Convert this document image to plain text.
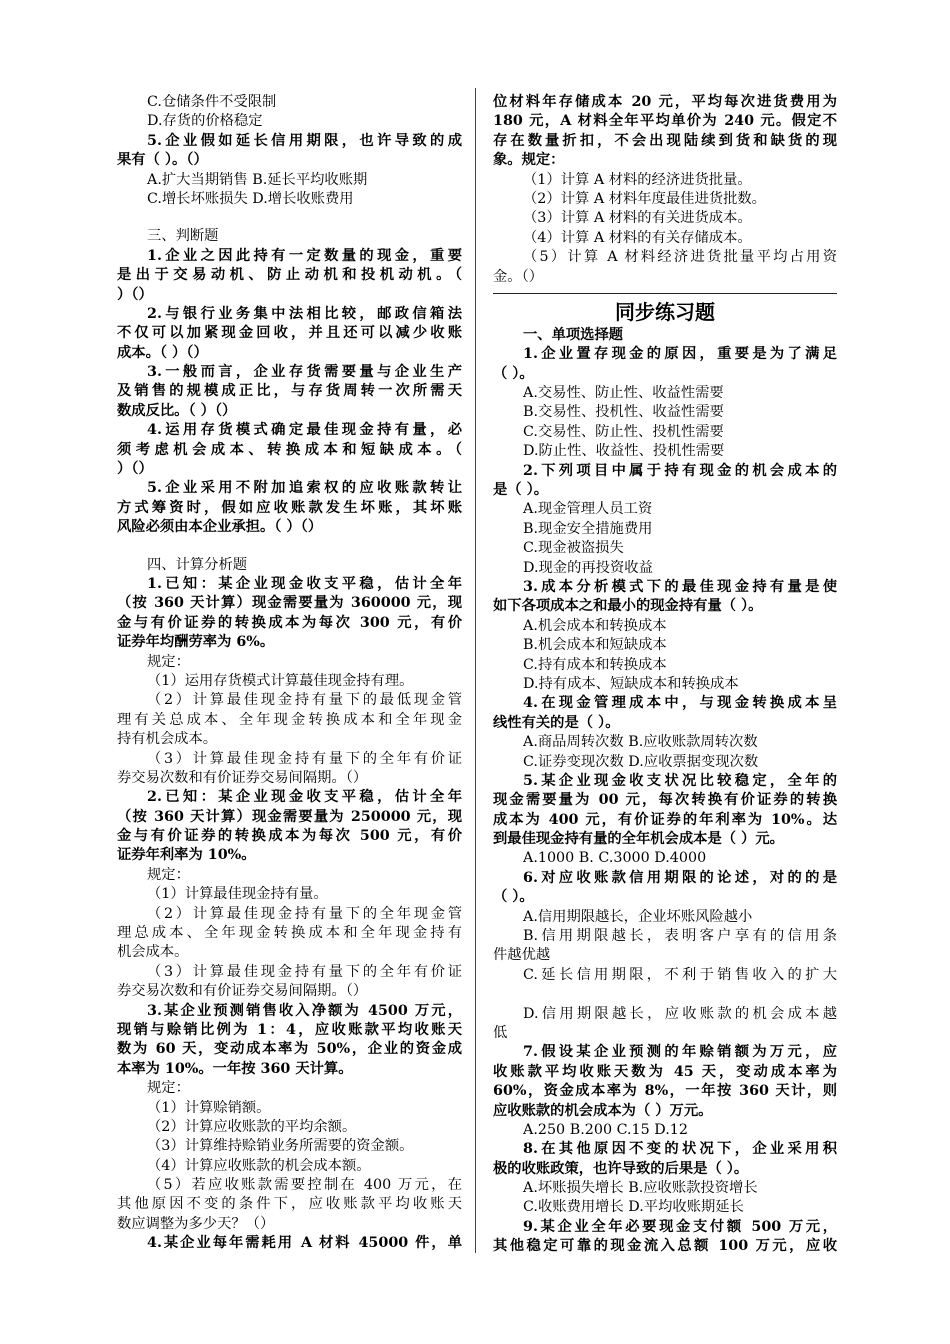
C.仓储条件不受限制
D.存货的价格稳定
5.企业假如延长信用期限，也许导致的成
果有（ ）。（）
A.扩大当期销售 B.延长平均收账期
C.增长坏账损失 D.增长收账费用
三、判断题
1.企业之因此持有一定数量的现金，重要
是出于交易动机、防止动机和投机动机。（
）（）
2.与银行业务集中法相比较，邮政信箱法
不仅可以加紧现金回收，并且还可以减少收账
成本。（ ）（）
3.一般而言，企业存货需要量与企业生产
及销售的规模成正比，与存货周转一次所需天
数成反比。（ ）（）
4.运用存货模式确定最佳现金持有量，必
须考虑机会成本、转换成本和短缺成本。（
）（）
5.企业采用不附加追索权的应收账款转让
方式筹资时，假如应收账款发生坏账，其坏账
风险必须由本企业承担。（ ）（）
四、计算分析题
1.已知：某企业现金收支平稳，估计全年
（按 360 天计算）现金需要量为 360000 元，现
金与有价证券的转换成本为每次 300 元，有价
证券年均酬劳率为 6%。
规定：
（1）运用存货模式计算蕞佳现金持有理。
（2）计算最佳现金持有量下的最低现金管
理有关总成本、全年现金转换成本和全年现金
持有机会成本。
（3）计算最佳现金持有量下的全年有价证
券交易次数和有价证券交易间隔期。（）
2.已知：某企业现金收支平稳，估计全年
（按 360 天计算）现金需要量为 250000 元，现
金与有价证券的转换成本为每次 500 元，有价
证券年利率为 10%。
规定：
（1）计算最佳现金持有量。
（2）计算最佳现金持有量下的全年现金管
理总成本、全年现金转换成本和全年现金持有
机会成本。
（3）计算最佳现金持有量下的全年有价证
券交易次数和有价证券交易间隔期。（）
3.某企业预测销售收入净额为 4500 万元，
现销与赊销比例为 1：4，应收账款平均收账天
数为 60 天，变动成本率为 50%，企业的资金成
本率为 10%。一年按 360 天计算。
规定：
（1）计算赊销额。
（2）计算应收账款的平均余额。
（3）计算维持赊销业务所需要的资金额。
（4）计算应收账款的机会成本额。
（5）若应收账款需要控制在 400 万元，在
其他原因不变的条件下，应收账款平均收账天
数应调整为多少天？（）
4.某企业每年需耗用 A 材料 45000 件，单
位材料年存储成本 20 元，平均每次进货费用为
180 元，A 材料全年平均单价为 240 元。假定不
存在数量折扣，不会出现陆续到货和缺货的现
象。规定：
（1）计算 A 材料的经济进货批量。
（2）计算 A 材料年度最佳进货批数。
（3）计算 A 材料的有关进货成本。
（4）计算 A 材料的有关存储成本。
（5）计算 A 材料经济进货批量平均占用资
金。（）
同步练习题
一、单项选择题
1.企业置存现金的原因，重要是为了满足
（ ）。
A.交易性、防止性、收益性需要
B.交易性、投机性、收益性需要
C.交易性、防止性、投机性需要
D.防止性、收益性、投机性需要
2.下列项目中属于持有现金的机会成本的
是（ ）。
A.现金管理人员工资
B.现金安全措施费用
C.现金被盗损失
D.现金的再投资收益
3.成本分析模式下的最佳现金持有量是使
如下各项成本之和最小的现金持有量（ ）。
A.机会成本和转换成本
B.机会成本和短缺成本
C.持有成本和转换成本
D.持有成本、短缺成本和转换成本
4.在现金管理成本中，与现金转换成本呈
线性有关的是（ ）。
A.商品周转次数 B.应收账款周转次数
C.证券变现次数 D.应收票据变现次数
5.某企业现金收支状况比较稳定，全年的
现金需要量为 00 元，每次转换有价证券的转换
成本为 400 元，有价证券的年利率为 10%。达
到最佳现金持有量的全年机会成本是（ ）元。
A.1000 B. C.3000 D.4000
6.对应收账款信用期限的论述，对的的是
（ ）。
A.信用期限越长，企业坏账风险越小
B.信用期限越长，表明客户享有的信用条
件越优越
C.延长信用期限，不利于销售收入的扩大
D.信用期限越长，应收账款的机会成本越
低
7.假设某企业预测的年赊销额为万元，应
收账款平均收账天数为 45 天，变动成本率为
60%，资金成本率为 8%，一年按 360 天计，则
应收账款的机会成本为（ ）万元。
A.250 B.200 C.15 D.12
8.在其他原因不变的状况下，企业采用积
极的收账政策，也许导致的后果是（ ）。
A.坏账损失增长 B.应收账款投资增长
C.收账费用增长 D.平均收账期延长
9.某企业全年必要现金支付额 500 万元，
其他稳定可靠的现金流入总额 100 万元，应收
